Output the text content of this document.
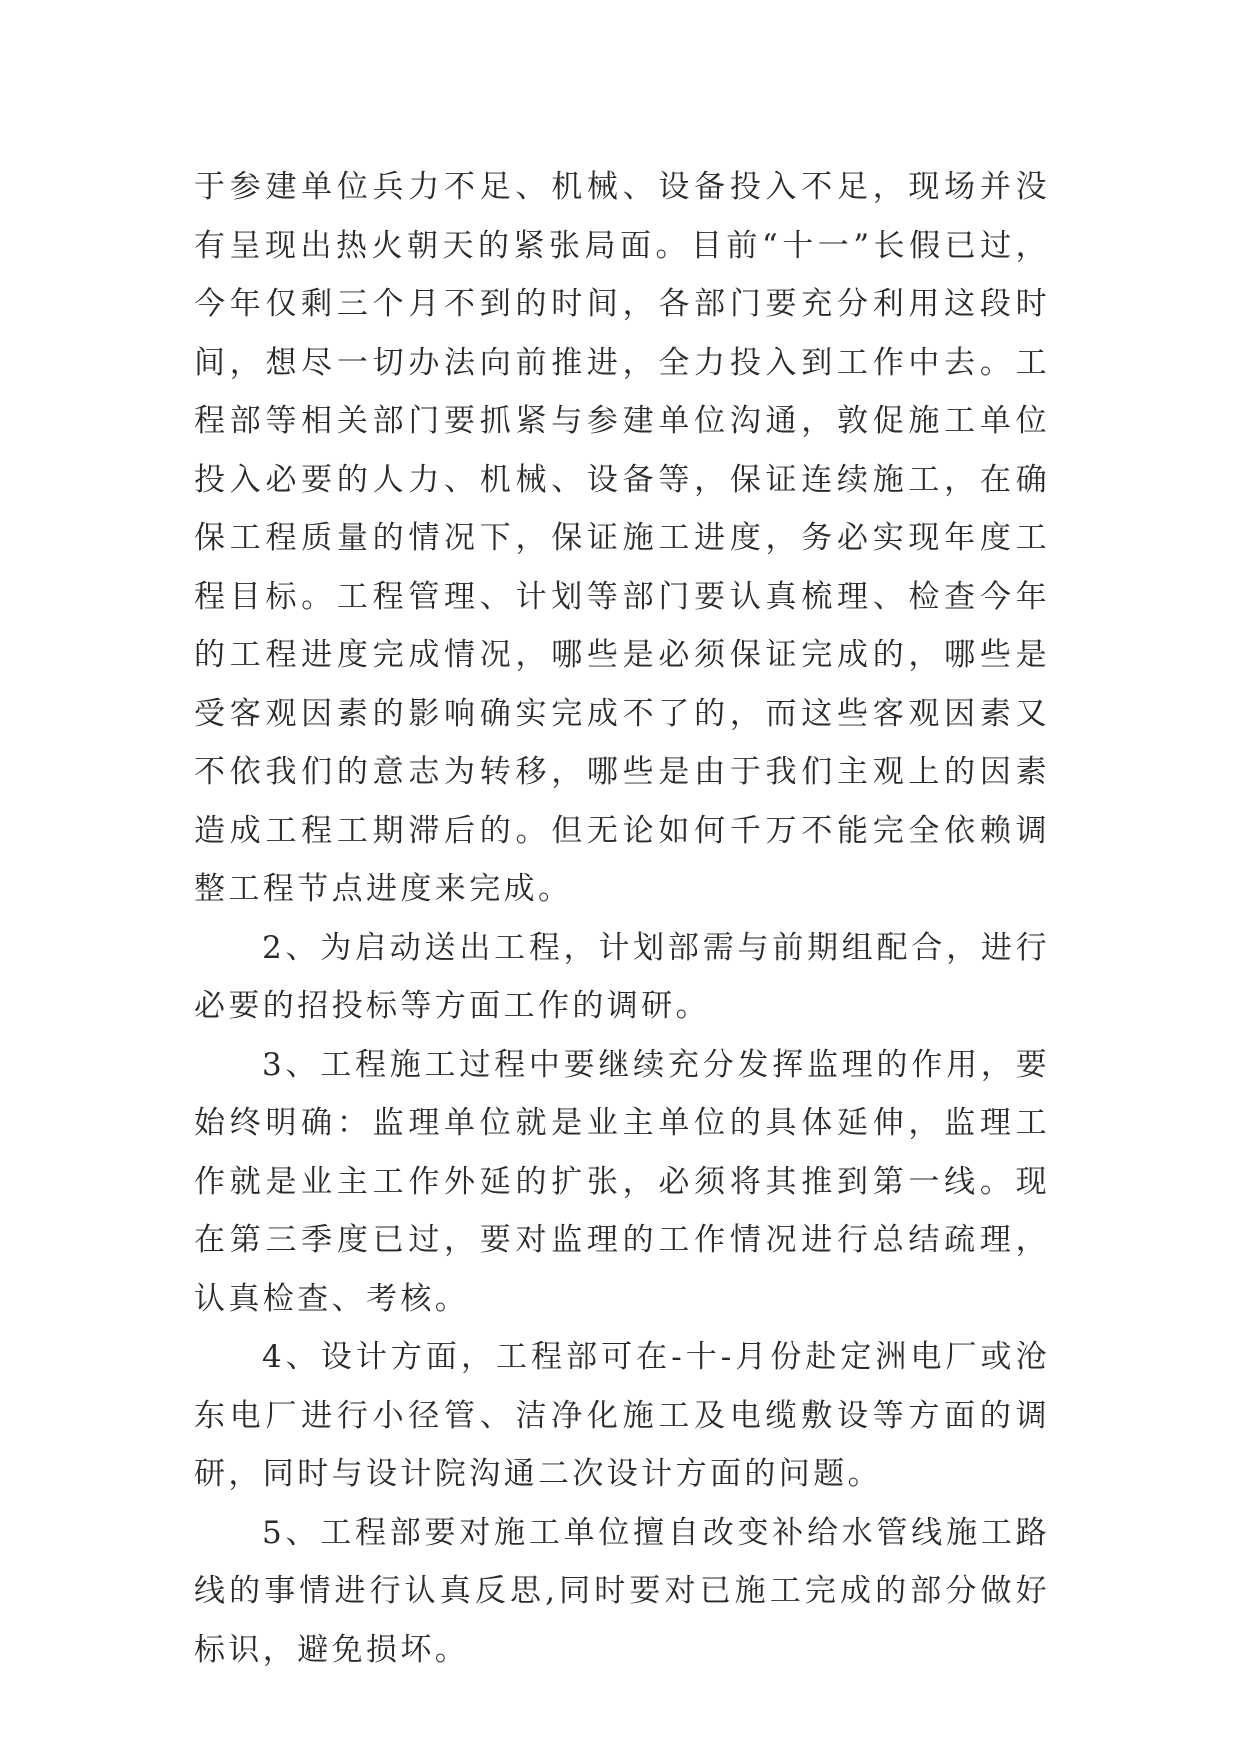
于参建单位兵力不足、机械、设备投入不足，现场并没有呈现出热火朝天的紧张局面。目前“十一”长假已过，今年仅剩三个月不到的时间，各部门要充分利用这段时间，想尽一切办法向前推进，全力投入到工作中去。工程部等相关部门要抓紧与参建单位沟通，敦促施工单位投入必要的人力、机械、设备等，保证连续施工，在确保工程质量的情况下，保证施工进度，务必实现年度工程目标。工程管理、计划等部门要认真梳理、检查今年的工程进度完成情况，哪些是必须保证完成的，哪些是受客观因素的影响确实完成不了的，而这些客观因素又不依我们的意志为转移，哪些是由于我们主观上的因素造成工程工期滞后的。但无论如何千万不能完全依赖调整工程节点进度来完成。

2、为启动送出工程，计划部需与前期组配合，进行必要的招投标等方面工作的调研。

3、工程施工过程中要继续充分发挥监理的作用，要始终明确：监理单位就是业主单位的具体延伸，监理工作就是业主工作外延的扩张，必须将其推到第一线。现在第三季度已过，要对监理的工作情况进行总结疏理，认真检查、考核。

4、设计方面，工程部可在-十-月份赴定洲电厂或沧东电厂进行小径管、洁净化施工及电缆敷设等方面的调研，同时与设计院沟通二次设计方面的问题。

5、工程部要对施工单位擅自改变补给水管线施工路线的事情进行认真反思,同时要对已施工完成的部分做好标识，避免损坏。
